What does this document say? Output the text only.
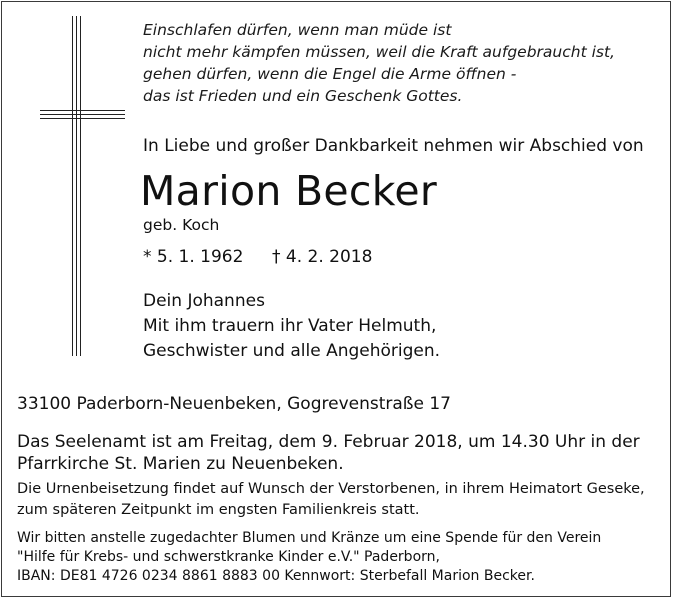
Einschlafen dürfen, wenn man müde ist
nicht mehr kämpfen müssen, weil die Kraft aufgebraucht ist,
gehen dürfen, wenn die Engel die Arme öffnen -
das ist Frieden und ein Geschenk Gottes.
In Liebe und großer Dankbarkeit nehmen wir Abschied von
Marion Becker
geb. Koch
* 5. 1. 1962 † 4. 2. 2018
Dein Johannes
Mit ihm trauern ihr Vater Helmuth,
Geschwister und alle Angehörigen.
33100 Paderborn-Neuenbeken, Gogrevenstraße 17
Das Seelenamt ist am Freitag, dem 9. Februar 2018, um 14.30 Uhr in der
Pfarrkirche St. Marien zu Neuenbeken.
Die Urnenbeisetzung findet auf Wunsch der Verstorbenen, in ihrem Heimatort Geseke,
zum späteren Zeitpunkt im engsten Familienkreis statt.
Wir bitten anstelle zugedachter Blumen und Kränze um eine Spende für den Verein
"Hilfe für Krebs- und schwerstkranke Kinder e.V." Paderborn,
IBAN: DE81 4726 0234 8861 8883 00 Kennwort: Sterbefall Marion Becker.
